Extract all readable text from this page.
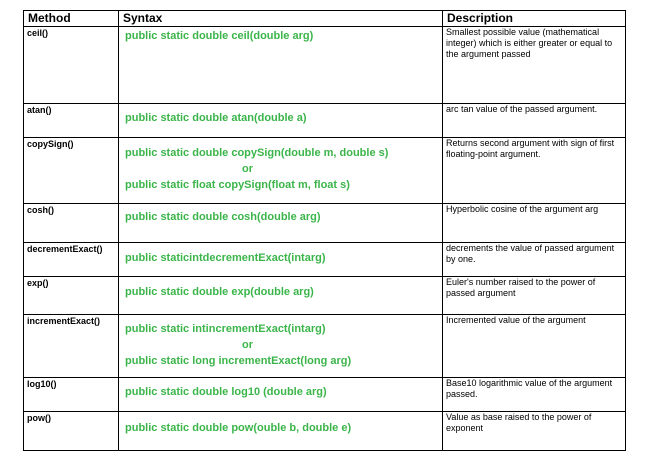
Method	Syntax	Description
ceil()	public static double ceil(double arg)	Smallest possible value (mathematical integer) which is either greater or equal to the argument passed
atan()	public static double atan(double a)	arc tan value of the passed argument.
copySign()	public static double copySign(double m, double s)
or
public static float copySign(float m, float s)	Returns second argument with sign of first floating-point argument.
cosh()	public static double cosh(double arg)	Hyperbolic cosine of the argument arg
decrementExact()	public staticintdecrementExact(intarg)	decrements the value of passed argument by one.
exp()	public static double exp(double arg)	Euler's number raised to the power of passed argument
incrementExact()	public static intincrementExact(intarg)
or
public static long incrementExact(long arg)	Incremented value of the argument
log10()	public static double log10 (double arg)	Base10 logarithmic value of the argument passed.
pow()	public static double pow(ouble b, double e)	Value as base raised to the power of exponent
